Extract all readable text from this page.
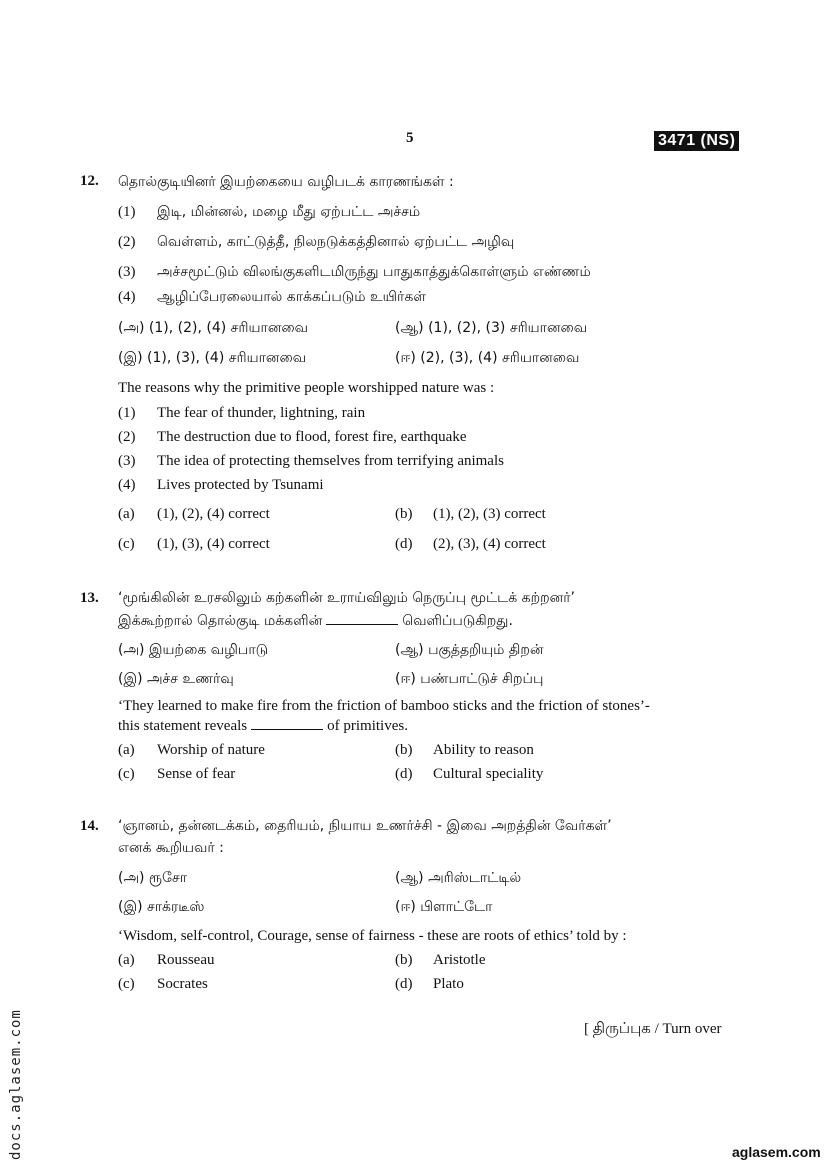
5	3471 (NS)
12. தொல்குடியினர் இயற்கையை வழிபடக் காரணங்கள் :
(1) இடி, மின்னல், மழை மீது ஏற்பட்ட அச்சம்
(2) வெள்ளம், காட்டுத்தீ, நிலநடுக்கத்தினால் ஏற்பட்ட அழிவு
(3) அச்சமூட்டும் விலங்குகளிடமிருந்து பாதுகாத்துக்கொள்ளும் எண்ணம்
(4) ஆழிப்பேரலையால் காக்கப்படும் உயிர்கள்
(அ) (1), (2), (4) சரியானவை	(ஆ) (1), (2), (3) சரியானவை
(இ) (1), (3), (4) சரியானவை	(ஈ) (2), (3), (4) சரியானவை
The reasons why the primitive people worshipped nature was :
(1) The fear of thunder, lightning, rain
(2) The destruction due to flood, forest fire, earthquake
(3) The idea of protecting themselves from terrifying animals
(4) Lives protected by Tsunami
(a) (1), (2), (4) correct	(b) (1), (2), (3) correct
(c) (1), (3), (4) correct	(d) (2), (3), (4) correct
13. ‘மூங்கிலின் உரசலிலும் கற்களின் உராய்விலும் நெருப்பு மூட்டக் கற்றனர்’
இக்கூற்றால் தொல்குடி மக்களின்	வெளிப்படுகிறது.
(அ) இயற்கை வழிபாடு	(ஆ) பகுத்தறியும் திறன்
(இ) அச்ச உணர்வு	(ஈ) பண்பாட்டுச் சிறப்பு
‘They learned to make fire from the friction of bamboo sticks and the friction of stones’-
this statement reveals	of primitives.
(a) Worship of nature	(b) Ability to reason
(c) Sense of fear	(d) Cultural speciality
14. ‘ஞானம், தன்னடக்கம், தைரியம், நியாய உணர்ச்சி - இவை அறத்தின் வேர்கள்’
எனக் கூறியவர் :
(அ) ரூசோ	(ஆ) அரிஸ்டாட்டில்
(இ) சாக்ரடீஸ்	(ஈ) பிளாட்டோ
‘Wisdom, self-control, Courage, sense of fairness - these are roots of ethics’ told by :
(a) Rousseau	(b) Aristotle
(c) Socrates	(d) Plato
[ திருப்புக / Turn over
docs.aglasem.com	aglasem.com
